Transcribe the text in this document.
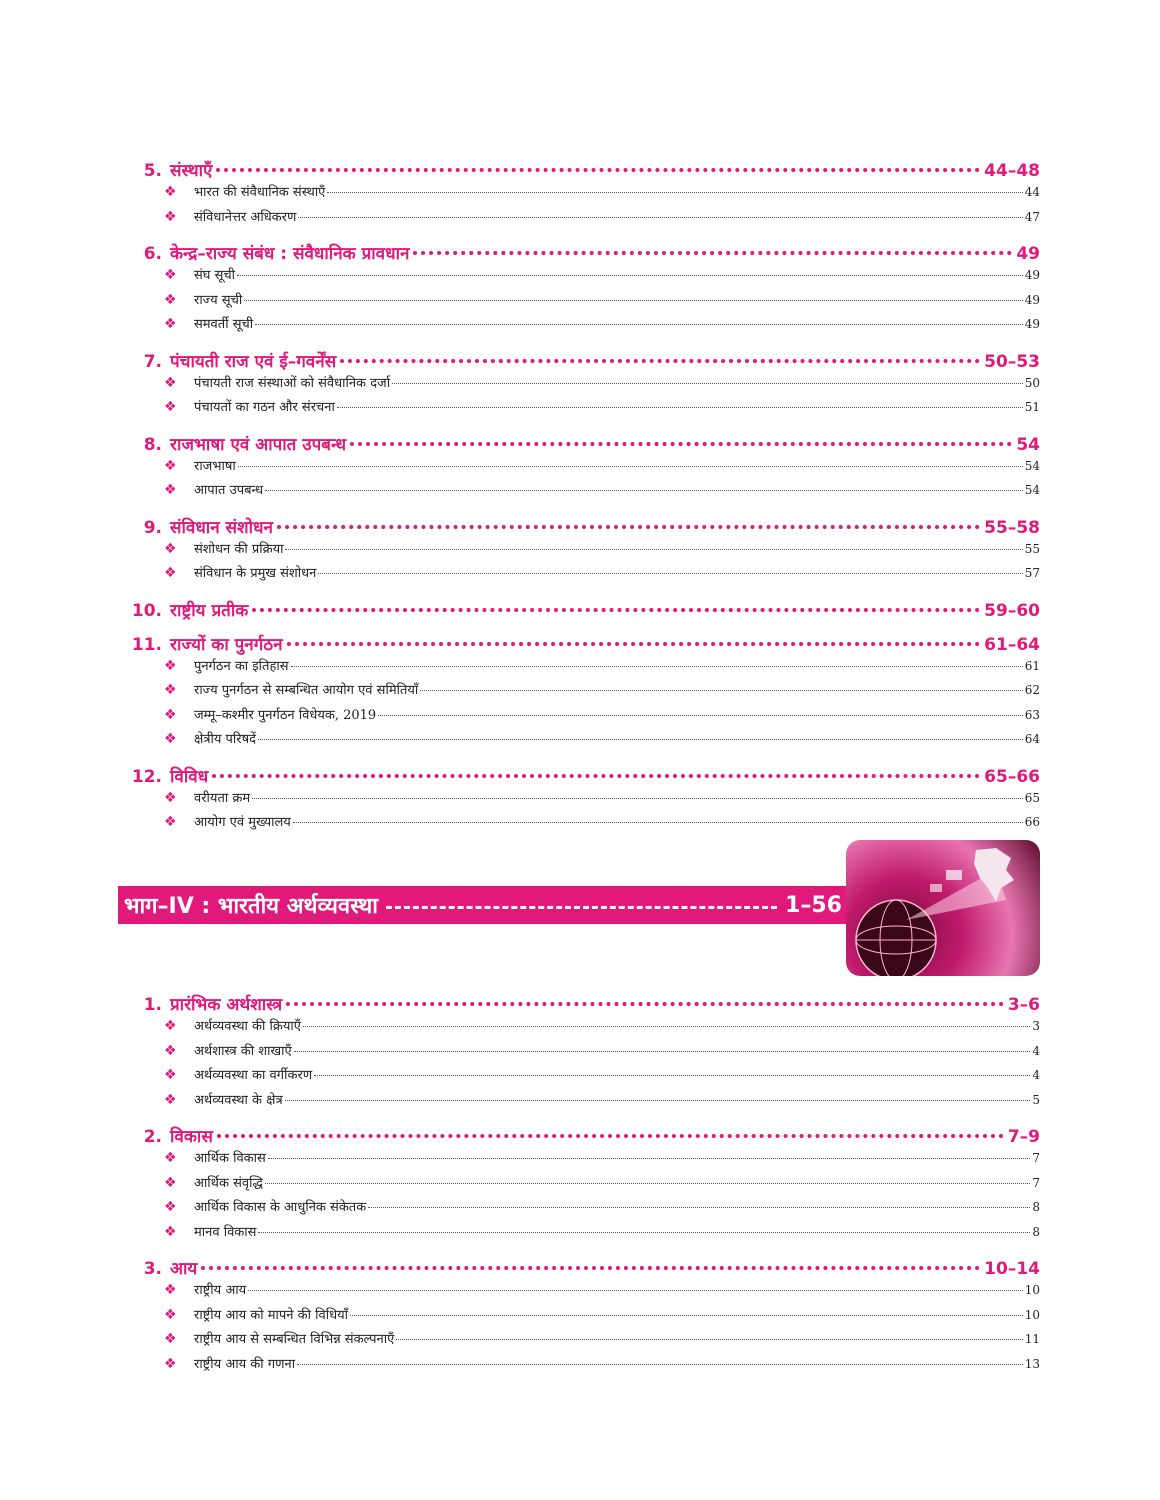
5. संस्थाएँ	44–48
❖	भारत की संवैधानिक संस्थाएँ	44
❖	संविधानेत्तर अधिकरण	47
6. केन्द्र–राज्य संबंध : संवैधानिक प्रावधान	49
❖	संघ सूची	49
❖	राज्य सूची	49
❖	समवर्ती सूची	49
7. पंचायती राज एवं ई–गवर्नेंस	50–53
❖	पंचायती राज संस्थाओं को संवैधानिक दर्जा	50
❖	पंचायतों का गठन और संरचना	51
8. राजभाषा एवं आपात उपबन्ध	54
❖	राजभाषा	54
❖	आपात उपबन्ध	54
9. संविधान संशोधन	55–58
❖	संशोधन की प्रक्रिया	55
❖	संविधान के प्रमुख संशोधन	57
10. राष्ट्रीय प्रतीक	59–60
11. राज्यों का पुनर्गठन	61–64
❖	पुनर्गठन का इतिहास	61
❖	राज्य पुनर्गठन से सम्बन्धित आयोग एवं समितियाँ	62
❖	जम्मू–कश्मीर पुनर्गठन विधेयक, 2019	63
❖	क्षेत्रीय परिषदें	64
12. विविध	65–66
❖	वरीयता क्रम	65
❖	आयोग एवं मुख्यालय	66
भाग–IV : भारतीय अर्थव्यवस्था	1–56
1. प्रारंभिक अर्थशास्त्र	3–6
❖	अर्थव्यवस्था की क्रियाएँ	3
❖	अर्थशास्त्र की शाखाएँ	4
❖	अर्थव्यवस्था का वर्गीकरण	4
❖	अर्थव्यवस्था के क्षेत्र	5
2. विकास	7–9
❖	आर्थिक विकास	7
❖	आर्थिक संवृद्धि	7
❖	आर्थिक विकास के आधुनिक संकेतक	8
❖	मानव विकास	8
3. आय	10–14
❖	राष्ट्रीय आय	10
❖	राष्ट्रीय आय को मापने की विधियाँ	10
❖	राष्ट्रीय आय से सम्बन्धित विभिन्न संकल्पनाएँ	11
❖	राष्ट्रीय आय की गणना	13
